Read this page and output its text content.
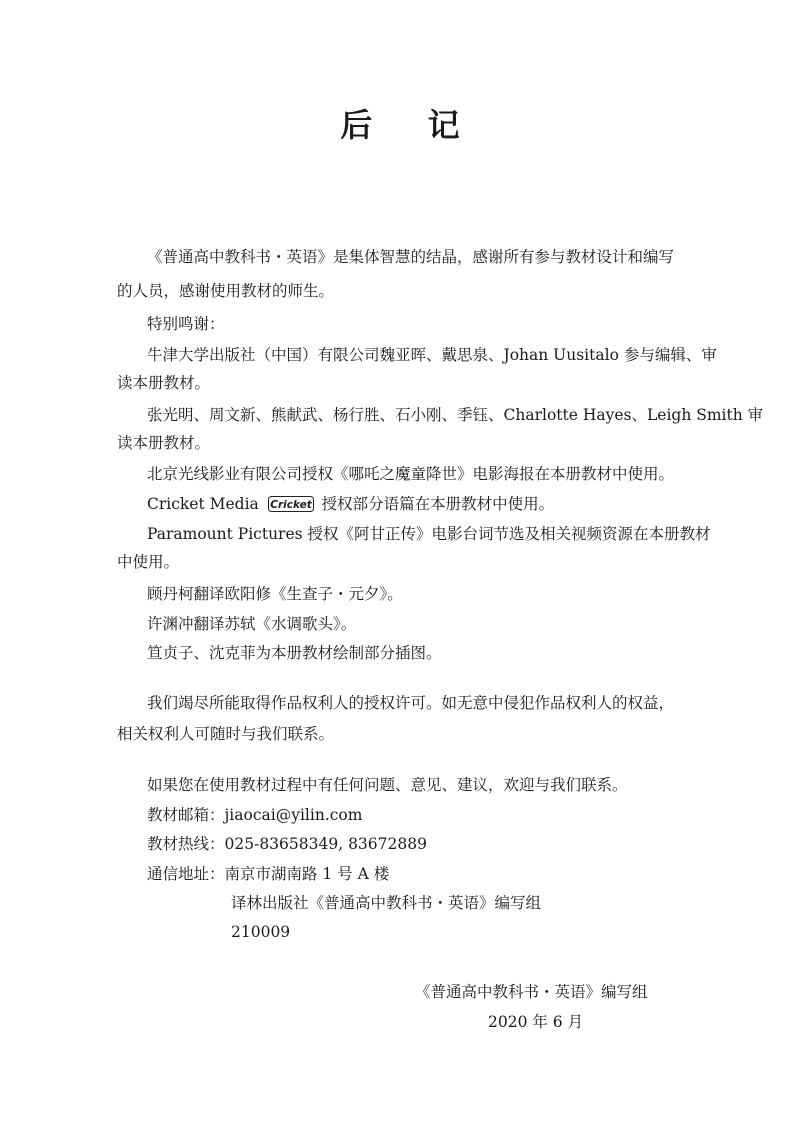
后 记
《普通高中教科书・英语》是集体智慧的结晶，感谢所有参与教材设计和编写
的人员，感谢使用教材的师生。
特别鸣谢：
牛津大学出版社（中国）有限公司魏亚晖、戴思泉、Johan Uusitalo 参与编辑、审
读本册教材。
张光明、周文新、熊献武、杨行胜、石小刚、季钰、Charlotte Hayes、Leigh Smith 审
读本册教材。
北京光线影业有限公司授权《哪吒之魔童降世》电影海报在本册教材中使用。
Cricket Media Cricket 授权部分语篇在本册教材中使用。
Paramount Pictures 授权《阿甘正传》电影台词节选及相关视频资源在本册教材
中使用。
顾丹柯翻译欧阳修《生查子・元夕》。
许渊冲翻译苏轼《水调歌头》。
笪贞子、沈克菲为本册教材绘制部分插图。
我们竭尽所能取得作品权利人的授权许可。如无意中侵犯作品权利人的权益，
相关权利人可随时与我们联系。
如果您在使用教材过程中有任何问题、意见、建议，欢迎与我们联系。
教材邮箱：jiaocai@yilin.com
教材热线：025-83658349, 83672889
通信地址：南京市湖南路 1 号 A 楼
译林出版社《普通高中教科书・英语》编写组
210009
《普通高中教科书・英语》编写组
2020 年 6 月
